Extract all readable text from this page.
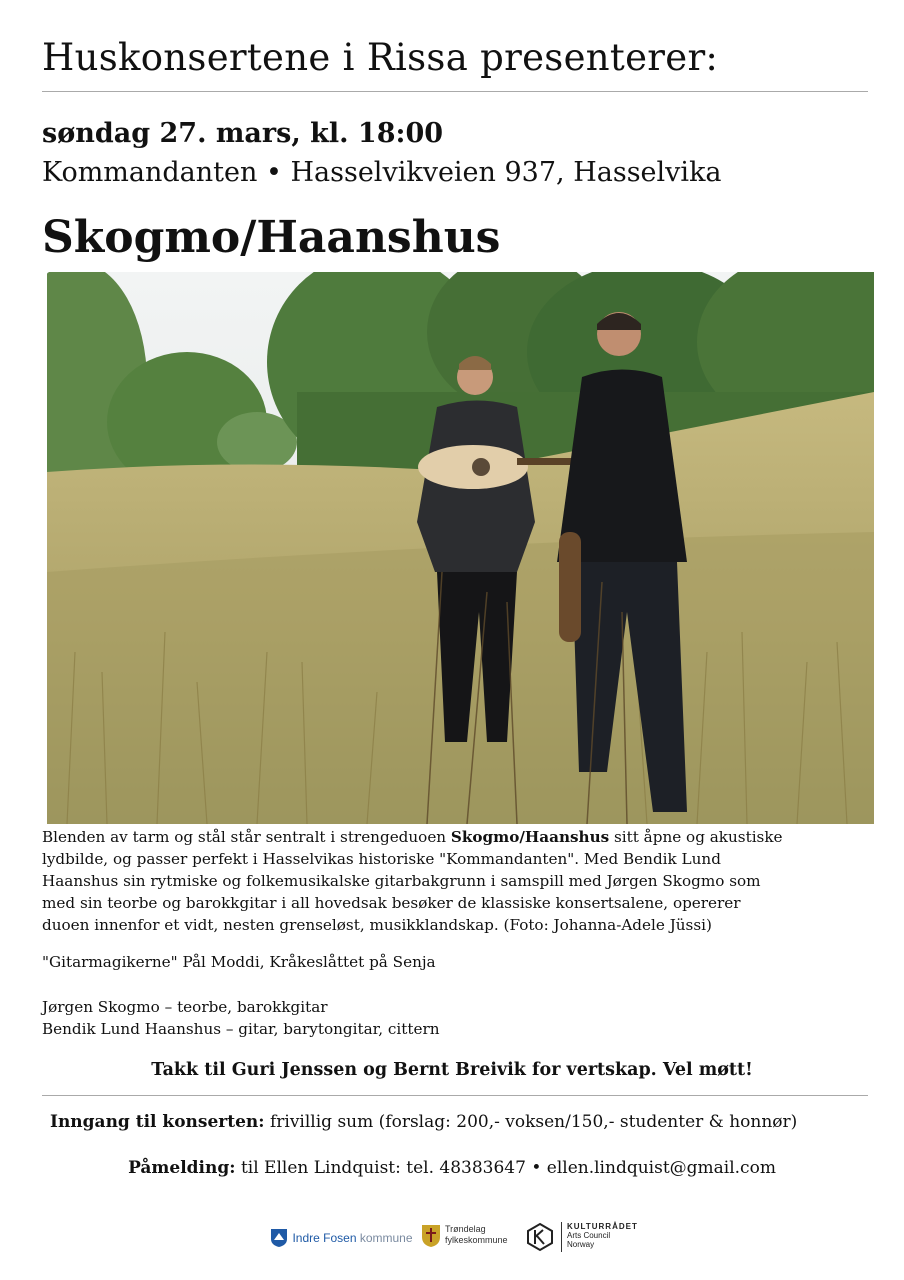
Huskonsertene i Rissa presenterer:
søndag 27. mars, kl. 18:00
Kommandanten • Hasselvikveien 937, Hasselvika
Skogmo/Haanshus
Blenden av tarm og stål står sentralt i strengeduoen Skogmo/Haanshus sitt åpne og akustiske
lydbilde, og passer perfekt i Hasselvikas historiske "Kommandanten". Med Bendik Lund
Haanshus sin rytmiske og folkemusikalske gitarbakgrunn i samspill med Jørgen Skogmo som
med sin teorbe og barokkgitar i all hovedsak besøker de klassiske konsertsalene, opererer
duoen innenfor et vidt, nesten grenseløst, musikklandskap. (Foto: Johanna-Adele Jüssi)
"Gitarmagikerne" Pål Moddi, Kråkeslåttet på Senja
Jørgen Skogmo – teorbe, barokkgitar
Bendik Lund Haanshus – gitar, barytongitar, cittern
Takk til Guri Jenssen og Bernt Breivik for vertskap. Vel møtt!
Inngang til konserten: frivillig sum (forslag: 200,- voksen/150,- studenter & honnør)
Påmelding: til Ellen Lindquist: tel. 48383647 • ellen.lindquist@gmail.com
Indre Fosen kommune
Trøndelag
fylkeskommune
KULTURRÅDET
Arts Council
Norway
